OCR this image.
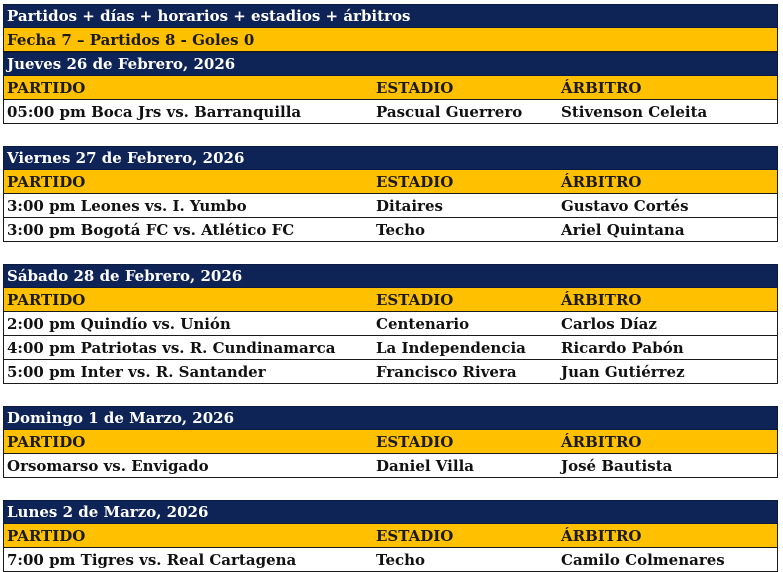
Partidos + días + horarios + estadios + árbitros
Fecha 7 – Partidos 8 - Goles 0
Jueves 26 de Febrero, 2026
PARTIDO	ESTADIO	ÁRBITRO
05:00 pm Boca Jrs vs. Barranquilla	Pascual Guerrero	Stivenson Celeita
Viernes 27 de Febrero, 2026
PARTIDO	ESTADIO	ÁRBITRO
3:00 pm Leones vs. I. Yumbo	Ditaires	Gustavo Cortés
3:00 pm Bogotá FC vs. Atlético FC	Techo	Ariel Quintana
Sábado 28 de Febrero, 2026
PARTIDO	ESTADIO	ÁRBITRO
2:00 pm Quindío vs. Unión	Centenario	Carlos Díaz
4:00 pm Patriotas vs. R. Cundinamarca	La Independencia	Ricardo Pabón
5:00 pm Inter vs. R. Santander	Francisco Rivera	Juan Gutiérrez
Domingo 1 de Marzo, 2026
PARTIDO	ESTADIO	ÁRBITRO
Orsomarso vs. Envigado	Daniel Villa	José Bautista
Lunes 2 de Marzo, 2026
PARTIDO	ESTADIO	ÁRBITRO
7:00 pm Tigres vs. Real Cartagena	Techo	Camilo Colmenares
